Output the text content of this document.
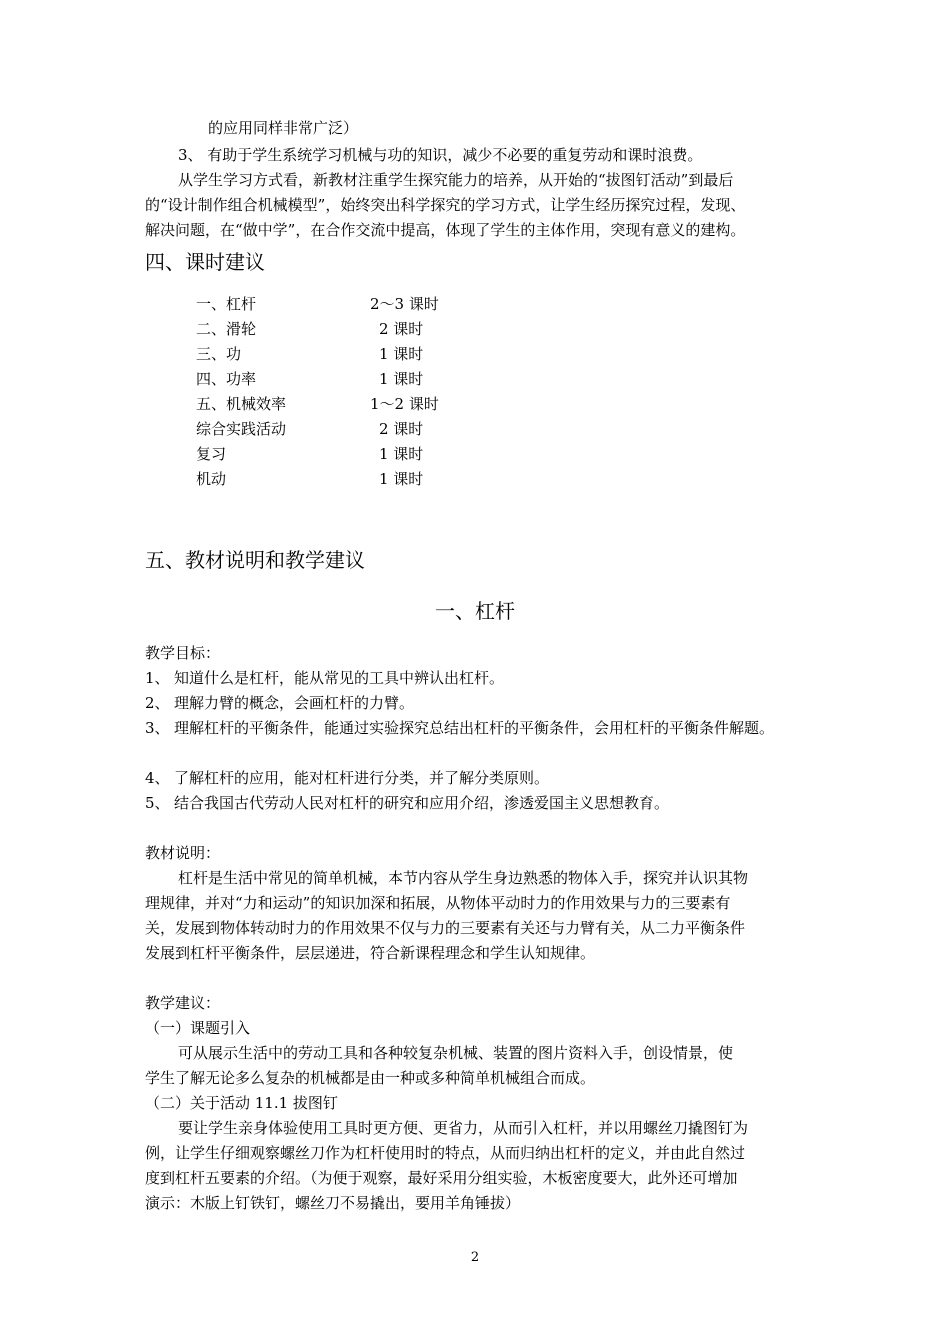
的应用同样非常广泛）
3、 有助于学生系统学习机械与功的知识，减少不必要的重复劳动和课时浪费。
从学生学习方式看，新教材注重学生探究能力的培养，从开始的“拔图钉活动”到最后
的“设计制作组合机械模型”，始终突出科学探究的学习方式，让学生经历探究过程，发现、
解决问题，在“做中学”，在合作交流中提高，体现了学生的主体作用，突现有意义的建构。
四、课时建议
一、杠杆	2～3 课时
二、滑轮	2 课时
三、功	1 课时
四、功率	1 课时
五、机械效率	1～2 课时
综合实践活动	2 课时
复习	1 课时
机动	1 课时
五、教材说明和教学建议
一、杠杆
教学目标：
1、 知道什么是杠杆，能从常见的工具中辨认出杠杆。
2、 理解力臂的概念，会画杠杆的力臂。
3、 理解杠杆的平衡条件，能通过实验探究总结出杠杆的平衡条件，会用杠杆的平衡条件解题。
4、 了解杠杆的应用，能对杠杆进行分类，并了解分类原则。
5、 结合我国古代劳动人民对杠杆的研究和应用介绍，渗透爱国主义思想教育。
教材说明：
杠杆是生活中常见的简单机械，本节内容从学生身边熟悉的物体入手，探究并认识其物
理规律，并对“力和运动”的知识加深和拓展，从物体平动时力的作用效果与力的三要素有
关，发展到物体转动时力的作用效果不仅与力的三要素有关还与力臂有关，从二力平衡条件
发展到杠杆平衡条件，层层递进，符合新课程理念和学生认知规律。
教学建议：
（一）课题引入
可从展示生活中的劳动工具和各种较复杂机械、装置的图片资料入手，创设情景，使
学生了解无论多么复杂的机械都是由一种或多种简单机械组合而成。
（二）关于活动 11.1 拔图钉
要让学生亲身体验使用工具时更方便、更省力，从而引入杠杆，并以用螺丝刀撬图钉为
例，让学生仔细观察螺丝刀作为杠杆使用时的特点，从而归纳出杠杆的定义，并由此自然过
度到杠杆五要素的介绍。（为便于观察，最好采用分组实验，木板密度要大，此外还可增加
演示：木版上钉铁钉，螺丝刀不易撬出，要用羊角锤拔）
2
